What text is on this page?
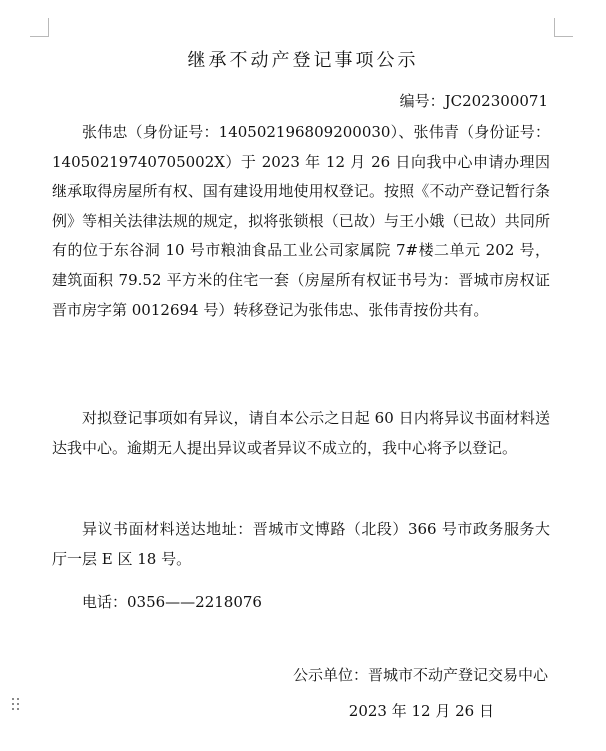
继承不动产登记事项公示
编号：JC202300071

张伟忠（身份证号：140502196809200030）、张伟青（身份证号：14050219740705002X）于 2023 年 12 月 26 日向我中心申请办理因继承取得房屋所有权、国有建设用地使用权登记。按照《不动产登记暂行条例》等相关法律法规的规定，拟将张锁根（已故）与王小娥（已故）共同所有的位于东谷洞 10 号市粮油食品工业公司家属院 7#楼二单元 202 号，建筑面积 79.52 平方米的住宅一套（房屋所有权证书号为：晋城市房权证晋市房字第 0012694 号）转移登记为张伟忠、张伟青按份共有。

对拟登记事项如有异议，请自本公示之日起 60 日内将异议书面材料送达我中心。逾期无人提出异议或者异议不成立的，我中心将予以登记。

异议书面材料送达地址：晋城市文博路（北段）366 号市政务服务大厅一层 E 区 18 号。

电话：0356——2218076

公示单位：晋城市不动产登记交易中心
2023 年 12 月 26 日
